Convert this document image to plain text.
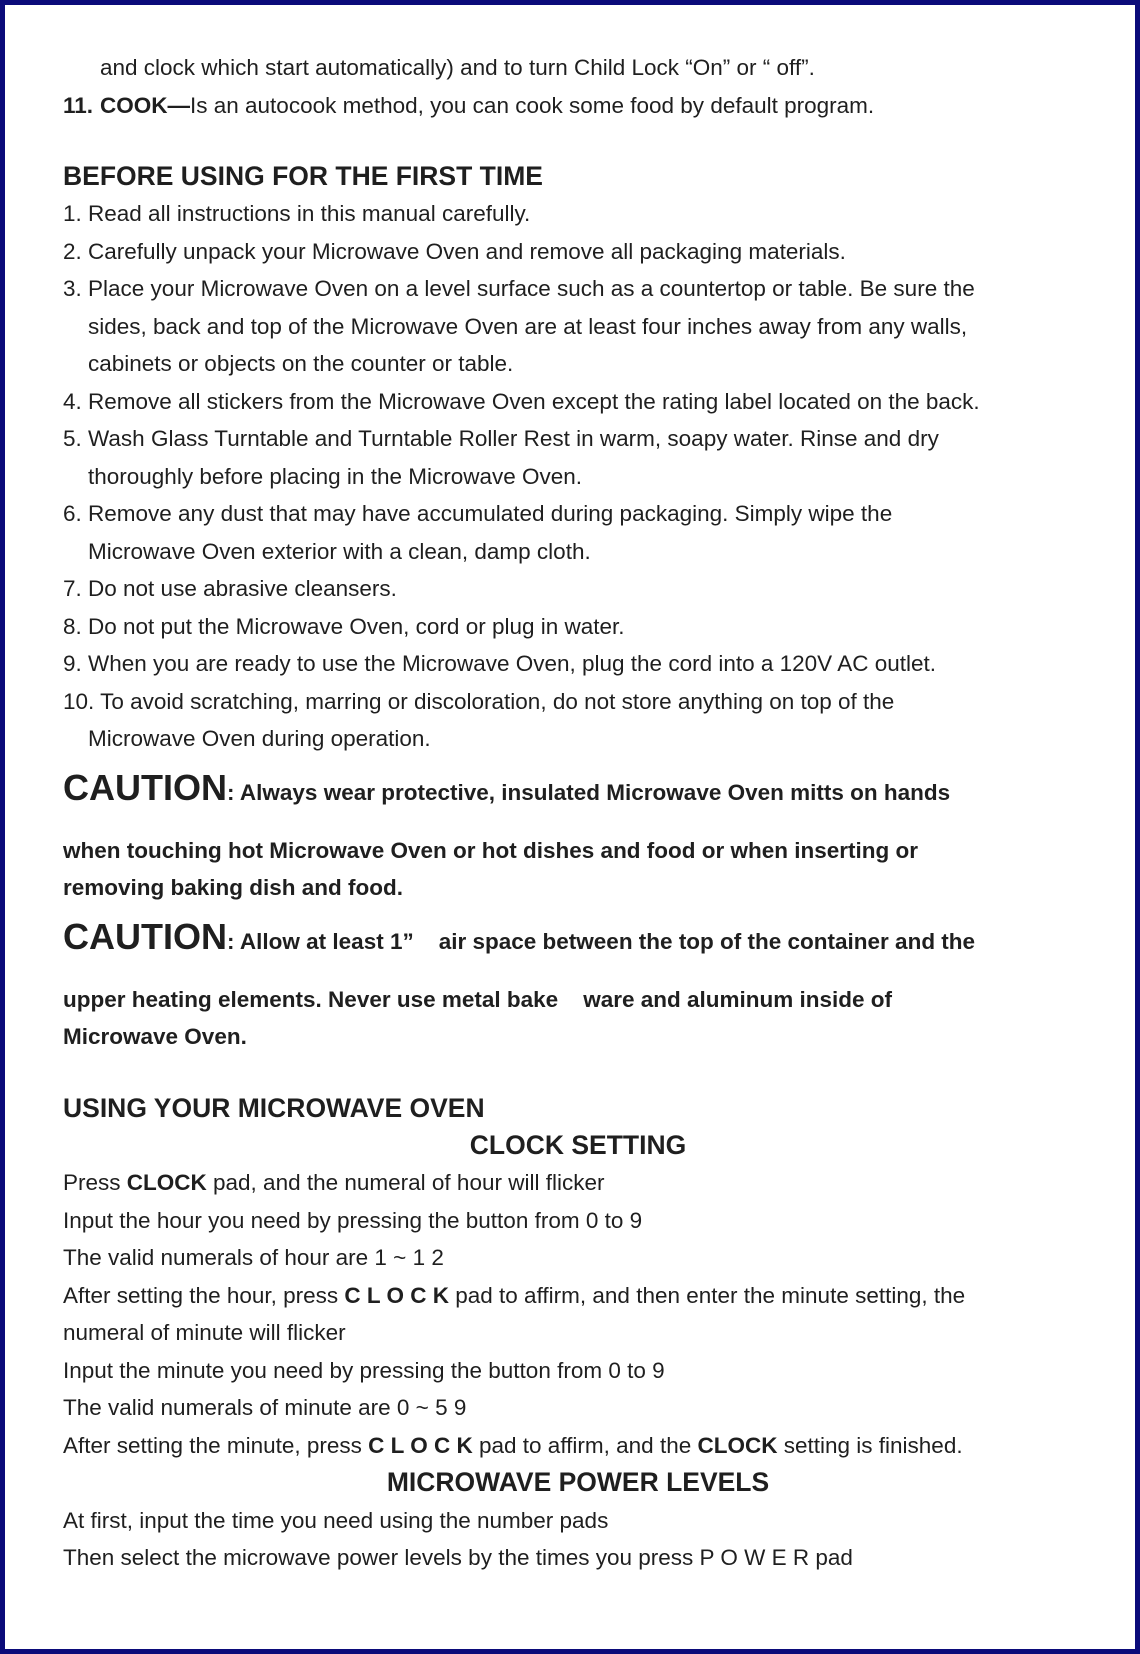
and clock which start automatically) and to turn Child Lock “On” or “ off”.
11. COOK—Is an autocook method, you can cook some food by default program.
BEFORE USING FOR THE FIRST TIME
1. Read all instructions in this manual carefully.
2. Carefully unpack your Microwave Oven and remove all packaging materials.
3. Place your Microwave Oven on a level surface such as a countertop or table. Be sure the
sides, back and top of the Microwave Oven are at least four inches away from any walls,
cabinets or objects on the counter or table.
4. Remove all stickers from the Microwave Oven except the rating label located on the back.
5. Wash Glass Turntable and Turntable Roller Rest in warm, soapy water. Rinse and dry
thoroughly before placing in the Microwave Oven.
6. Remove any dust that may have accumulated during packaging. Simply wipe the
Microwave Oven exterior with a clean, damp cloth.
7. Do not use abrasive cleansers.
8. Do not put the Microwave Oven, cord or plug in water.
9. When you are ready to use the Microwave Oven, plug the cord into a 120V AC outlet.
10. To avoid scratching, marring or discoloration, do not store anything on top of the
Microwave Oven during operation.
CAUTION: Always wear protective, insulated Microwave Oven mitts on hands
when touching hot Microwave Oven or hot dishes and food or when inserting or
removing baking dish and food.
CAUTION: Allow at least 1”    air space between the top of the container and the
upper heating elements. Never use metal bake    ware and aluminum inside of
Microwave Oven.
USING YOUR MICROWAVE OVEN
CLOCK SETTING
Press CLOCK pad, and the numeral of hour will flicker
Input the hour you need by pressing the button from 0 to 9
The valid numerals of hour are 1 ~ 1 2
After setting the hour, press C L O C K pad to affirm, and then enter the minute setting, the
numeral of minute will flicker
Input the minute you need by pressing the button from 0 to 9
The valid numerals of minute are 0 ~ 5 9
After setting the minute, press C L O C K pad to affirm, and the CLOCK setting is finished.
MICROWAVE POWER LEVELS
At first, input the time you need using the number pads
Then select the microwave power levels by the times you press P O W E R pad
